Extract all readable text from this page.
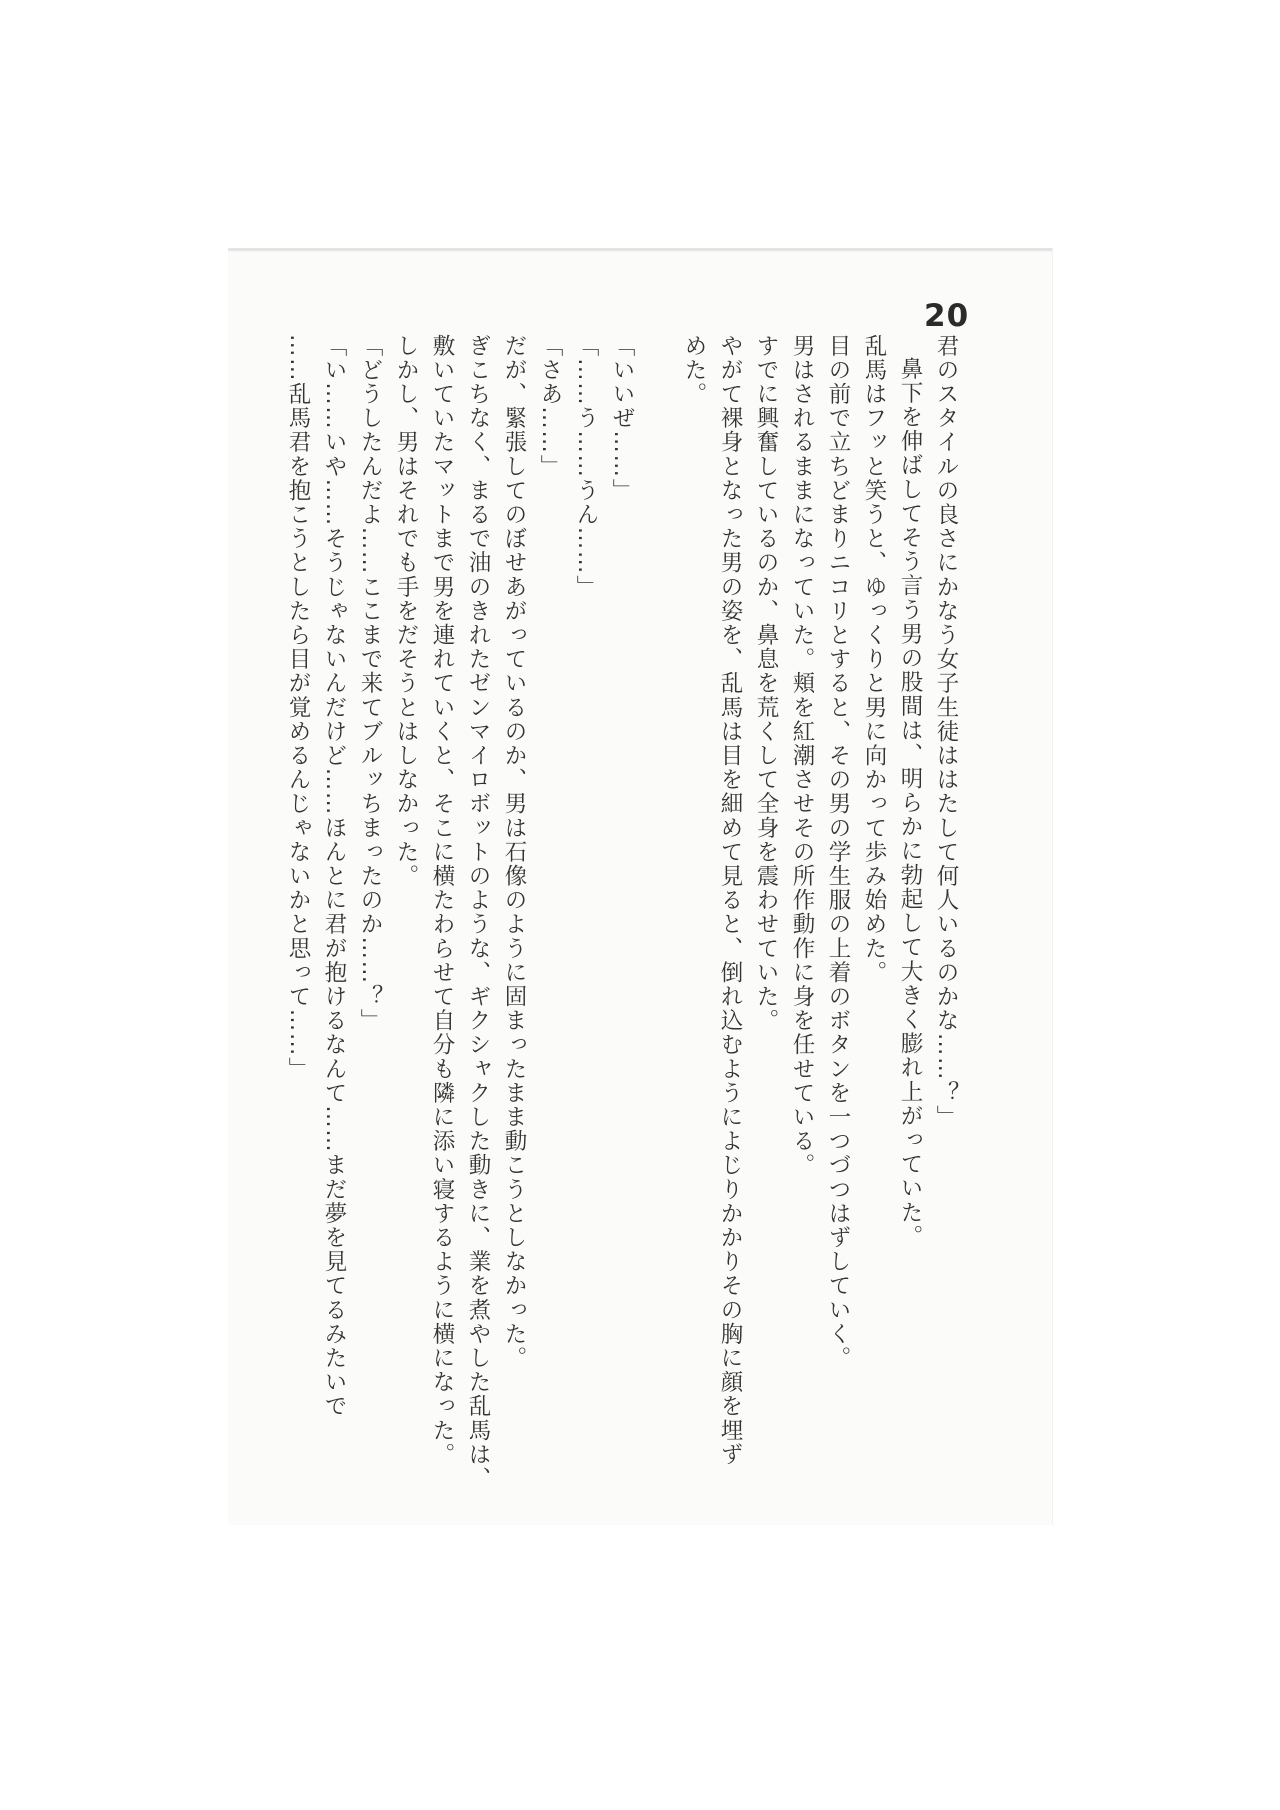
20

君のスタイルの良さにかなう女子生徒ははたして何人いるのかな……？」

鼻下を伸ばしてそう言う男の股間は、明らかに勃起して大きく膨れ上がっていた。

乱馬はフッと笑うと、ゆっくりと男に向かって歩み始めた。

目の前で立ちどまりニコリとすると、その男の学生服の上着のボタンを一つづつはずしていく。

男はされるままになっていた。頬を紅潮させその所作動作に身を任せている。

すでに興奮しているのか、鼻息を荒くして全身を震わせていた。

やがて裸身となった男の姿を、乱馬は目を細めて見ると、倒れ込むようによじりかかりその胸に顔を埋ず

めた。

「いいぜ……」

「……う……うん……」

「さあ……」

だが、緊張してのぼせあがっているのか、男は石像のように固まったまま動こうとしなかった。

ぎこちなく、まるで油のきれたゼンマイロボットのような、ギクシャクした動きに、業を煮やした乱馬は、

敷いていたマットまで男を連れていくと、そこに横たわらせて自分も隣に添い寝するように横になった。

しかし、男はそれでも手をだそうとはしなかった。

「どうしたんだよ……ここまで来てブルッちまったのか……？」

「い……いや……そうじゃないんだけど……ほんとに君が抱けるなんて……まだ夢を見てるみたいで

……乱馬君を抱こうとしたら目が覚めるんじゃないかと思って……」
